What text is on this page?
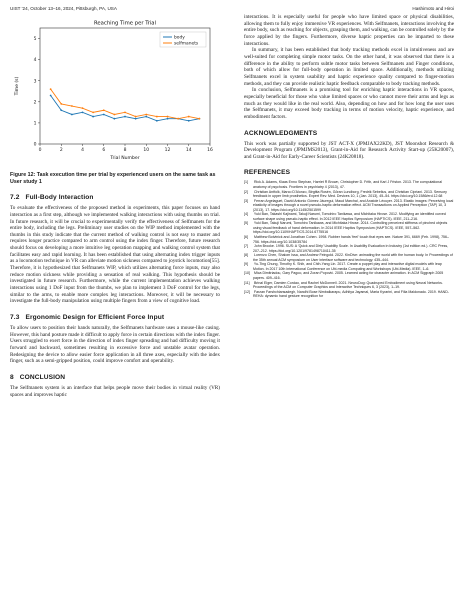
UIST '24, October 13–16, 2024, Pittsburgh, PA, USA	Hashimoto and Hiroi
0
1
2
3
4
5
0	2	4	6	8	10	12	14	16
Reaching Time per Trial
Trial Number
Time (s)
body
selfmanets
Figure 12: Task execution time per trial by experienced users on the same task as User study 1
7.2 Full-Body Interaction

To evaluate the effectiveness of the proposed method in experiments, this paper focuses on hand interaction as a first step, although we implemented walking interactions with using thumbs on trial. In future research, it will be crucial to experimentally verify the effectiveness of Selfmanets for the entire body, including the legs. Preliminary user studies on the WIP method implemented with the thumbs in this study indicate that the current method of walking control is not easy to master and requires longer practice compared to arm control using the index finger. Therefore, future research should focus on developing a more intuitive leg operation mapping and walking control system that facilitates easy and rapid learning. It has been established that using alternating index trigger inputs as a locomotion technique in VR can alleviate motion sickness compared to joystick locomotion[55]. Therefore, it is hypothesized that Selfmanets WIP, which utilizes alternating force inputs, may also reduce motion sickness while providing a sensation of real walking. This hypothesis should be investigated in future research. Furthermore, while the current implementation achieves walking interactions using 1 DoF input from the thumbs, we plan to implement 3 DoF control for the legs, similar to the arms, to enable more complex leg interactions. Moreover, it will be necessary to investigate the full-body manipulation using multiple fingers from a view of cognitive load.

7.3 Ergonomic Design for Efficient Force Input

To allow users to position their hands naturally, the Selfmanets hardware uses a mouse-like casing. However, this hand posture made it difficult to apply force in certain directions with the index finger. Users struggled to exert force in the direction of index finger spreading and had difficulty moving it forward and backward, sometimes resulting in excessive force and unstable avatar operation. Redesigning the device to allow easier force application in all three axes, especially with the index finger, such as a semi-gripped position, could improve comfort and operability.

8 CONCLUSION

The Selfmanets system is an interface that helps people move their bodies in virtual reality (VR) spaces and improves haptic

interactions. It is especially useful for people who have limited space or physical disabilities, allowing them to fully enjoy immersive VR experiences. With Selfmanets, interactions involving the entire body, such as reaching for objects, grasping them, and walking, can be controlled solely by the force applied by the fingers. Furthermore, diverse haptic properties can be imparted to these interactions.

In summary, it has been established that body tracking methods excel in intuitiveness and are well-suited for completing simple motor tasks. On the other hand, it was observed that there is a difference in the ability to perform subtle motor tasks between Selfmanets and Finger conditions, both of which allow for full-body operation in limited space. Additionally, methods utilizing Selfmanets excel in system usability and haptic experience quality compared to finger-motion methods, and they can provide realistic haptic feedback comparable to body tracking methods.

In conclusion, Selfmanets is a promising tool for enriching haptic interactions in VR spaces, especially beneficial for those who value limited spaces or who cannot move their arms and legs as much as they would like in the real world. Also, depending on how and for how long the user uses the Selfmanets, it may exceed body tracking in terms of motion velocity, haptic experience, and embodiment factors.

ACKNOWLEDGMENTS

This work was partially supported by JST ACT-X (JPMJAX22KD), JST Moonshot Research & Development Program (JPMJMS2013), Grant-in-Aid for Research Activity Start-up (25K20007), and Grant-in-Aid for Early-Career Scientists (24K20818).

REFERENCES

[1] Rick A. Adams, Klaas Enno Stephan, Harriet R Brown, Christopher D. Frith, and Karl J Friston. 2013. The computational anatomy of psychosis. Frontiers in psychiatry 4 (2013), 47.

[2] Christian Antfolk, Marco D'Alonzo, Birgitta Rosén, Göran Lundborg, Fredrik Sebelius, and Christian Cipriani. 2013. Sensory feedback in upper limb prosthetics. Expert Rev. Med. Devices 10, 1 (Jan. 2013), 45–54. https://doi.org/10.1586/erd.12.68

[3] Ferran Argelaguet, David Antonio Gómez Jáuregui, Maud Marchal, and Anatole Lécuyer. 2013. Elastic images: Perceiving local elasticity of images through a novel pseudo-haptic deformation effect. ACM Transactions on Applied Perception (TAP) 10, 3 (2013), 17. https://doi.org/10.1145/2501599

[4] Yuki Ban, Takashi Kajinami, Takuji Narumi, Tomohiro Tanikawa, and Michitaka Hirose. 2012. Modifying an identified curved surface shape using pseudo-haptic effect. In 2012 IEEE Haptics Symposium (HAPTICS). IEEE, 211–216.

[5] Yuki Ban, Takuji Narumi, Tomohiro Tanikawa, and Michitaka Hirose. 2014. Controlling perceived stiffness of pinched objects using visual feedback of hand deformation. In 2014 IEEE Haptics Symposium (HAPTICS). IEEE, 557–562. https://doi.org/10.1109/HAPTICS.2014.6775516

[6] Matthew Botvinick and Jonathan Cohen. 1998. Rubber hands 'feel' touch that eyes see. Nature 391, 6669 (Feb. 1998), 756–756. https://doi.org/10.1038/35784

[7] John Brooke. 1996. SUS: A 'Quick and Dirty' Usability Scale. In Usability Evaluation in Industry (1st edition ed.). CRC Press, 207–212. https://doi.org/10.1201/9781498710411-35

[8] Lorenzo Chen, Shalom Issa, and Andrew Feingold. 2022. KinDive: animating the world with the human body. In Proceedings of the 35th annual ACM symposium on User interface software and technology. 435–444.

[9] Yu-Ting Chung, Timothy K. Shih, and Chih-Yang Lin. 2017. Create a puppet play and interactive digital models with leap Motion. In 2017 10th International Conference on Ubi-media Computing and Workshops (Ubi-Media). IEEE, 1–6.

[10] Mica Dimitriadou, Gary Pagoo, and Zoran Popović. 2005. Learned acting for character animation. In ACM Siggraph 2005 papers. 409–416.

[11] Brinal Eiger, Damien Cordao, and Rachel McDonnell. 2021. NeuroDog: Quadruped Embodiment using Neural Networks. Proceedings of the ACM on Computer Graphics and Interactive Techniques 6, 3 (2023), 1–19.

[12] Farzan Farshchiansadegh, Nandhi Bose Nimbalkarapu, Adhitya Jayamal, Maria Kyrarini, and Filia Maldonado. 2019. HAND-REHA: dynamic hand gesture recognition for
